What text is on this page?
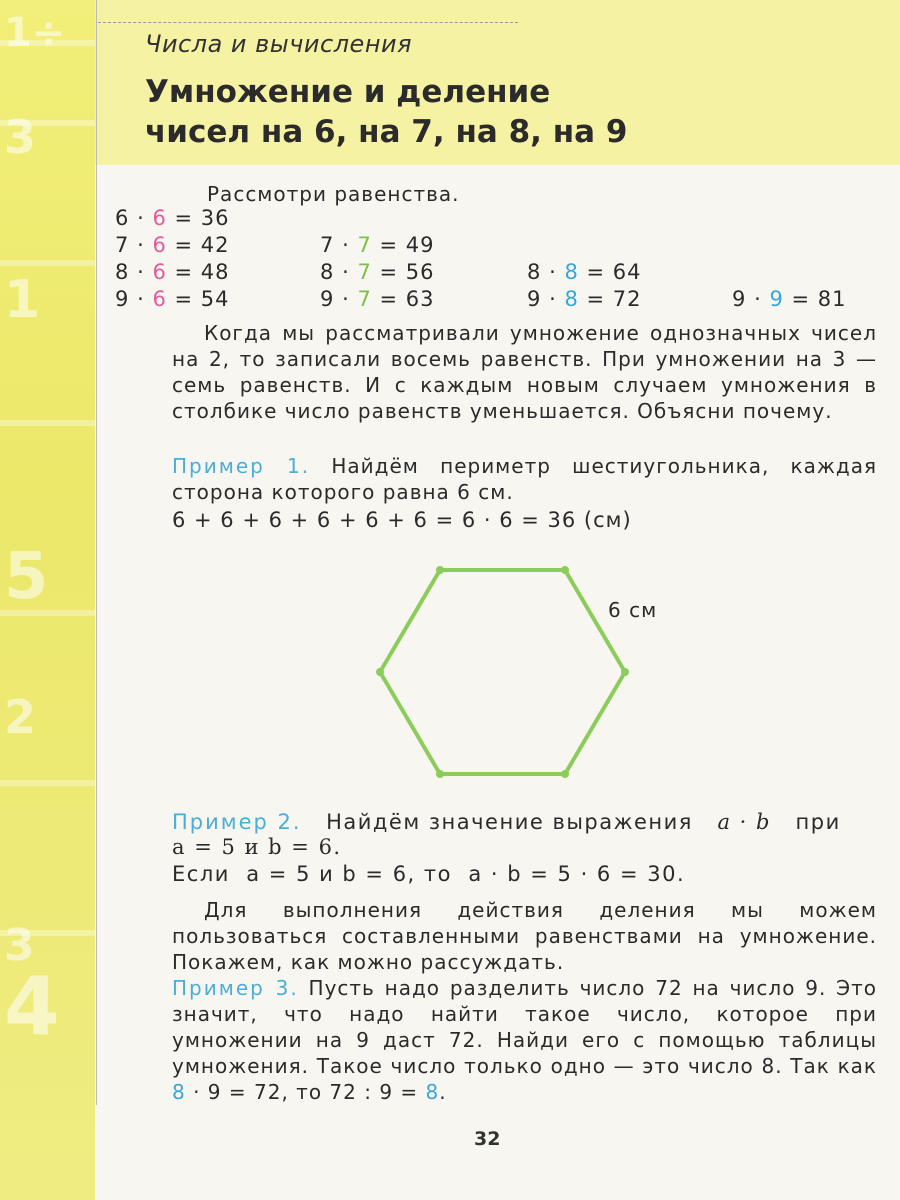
1÷
3
1
5
2
3
4
Числа и вычисления
Умножение и деление
чисел на 6, на 7, на 8, на 9
Рассмотри равенства.
6 · 6 = 36
7 · 6 = 42
8 · 6 = 48
9 · 6 = 54
7 · 7 = 49
8 · 7 = 56
9 · 7 = 63
8 · 8 = 64
9 · 8 = 72	9 · 9 = 81
Когда мы рассматривали умножение однозначных чисел на 2, то записали восемь равенств. При умножении на 3 — семь равенств. И с каждым новым случаем умножения в столбике число равенств уменьшается. Объясни почему.
Пример 1. Найдём периметр шестиугольника, каждая сторона которого равна 6 см.
6 + 6 + 6 + 6 + 6 + 6 = 6 · 6 = 36 (см)
6 см
Пример 2. Найдём значение выражения a · b при
a = 5 и b = 6.
Если a = 5 и b = 6, то a · b = 5 · 6 = 30.
Для выполнения действия деления мы можем пользоваться составленными равенствами на умножение. Покажем, как можно рассуждать.
Пример 3. Пусть надо разделить число 72 на число 9. Это значит, что надо найти такое число, которое при умножении на 9 даст 72. Найди его с помощью таблицы умножения. Такое число только одно — это число 8. Так как 8 · 9 = 72, то 72 : 9 = 8.
32
